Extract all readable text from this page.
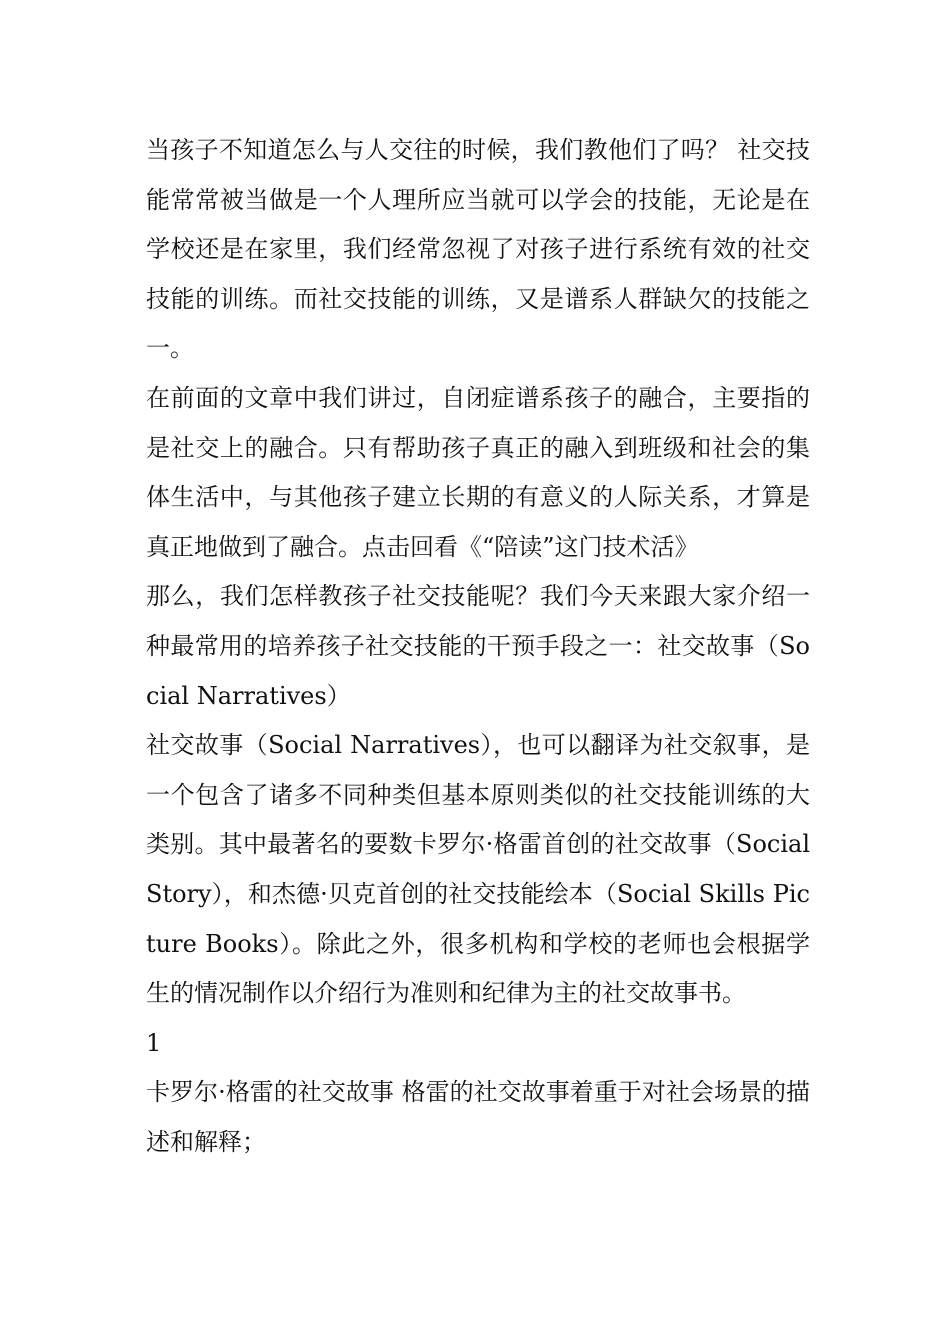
当孩子不知道怎么与人交往的时候，我们教他们了吗？ 社交技能常常被当做是一个人理所应当就可以学会的技能，无论是在学校还是在家里，我们经常忽视了对孩子进行系统有效的社交技能的训练。而社交技能的训练，又是谱系人群缺欠的技能之一。

在前面的文章中我们讲过，自闭症谱系孩子的融合，主要指的是社交上的融合。只有帮助孩子真正的融入到班级和社会的集体生活中，与其他孩子建立长期的有意义的人际关系，才算是真正地做到了融合。点击回看《“陪读”这门技术活》

那么，我们怎样教孩子社交技能呢？我们今天来跟大家介绍一种最常用的培养孩子社交技能的干预手段之一：社交故事（Social Narratives）

社交故事（Social Narratives），也可以翻译为社交叙事，是一个包含了诸多不同种类但基本原则类似的社交技能训练的大类别。其中最著名的要数卡罗尔·格雷首创的社交故事（Social Story），和杰德·贝克首创的社交技能绘本（Social Skills Picture Books）。除此之外，很多机构和学校的老师也会根据学生的情况制作以介绍行为准则和纪律为主的社交故事书。

1

卡罗尔·格雷的社交故事 格雷的社交故事着重于对社会场景的描述和解释；
